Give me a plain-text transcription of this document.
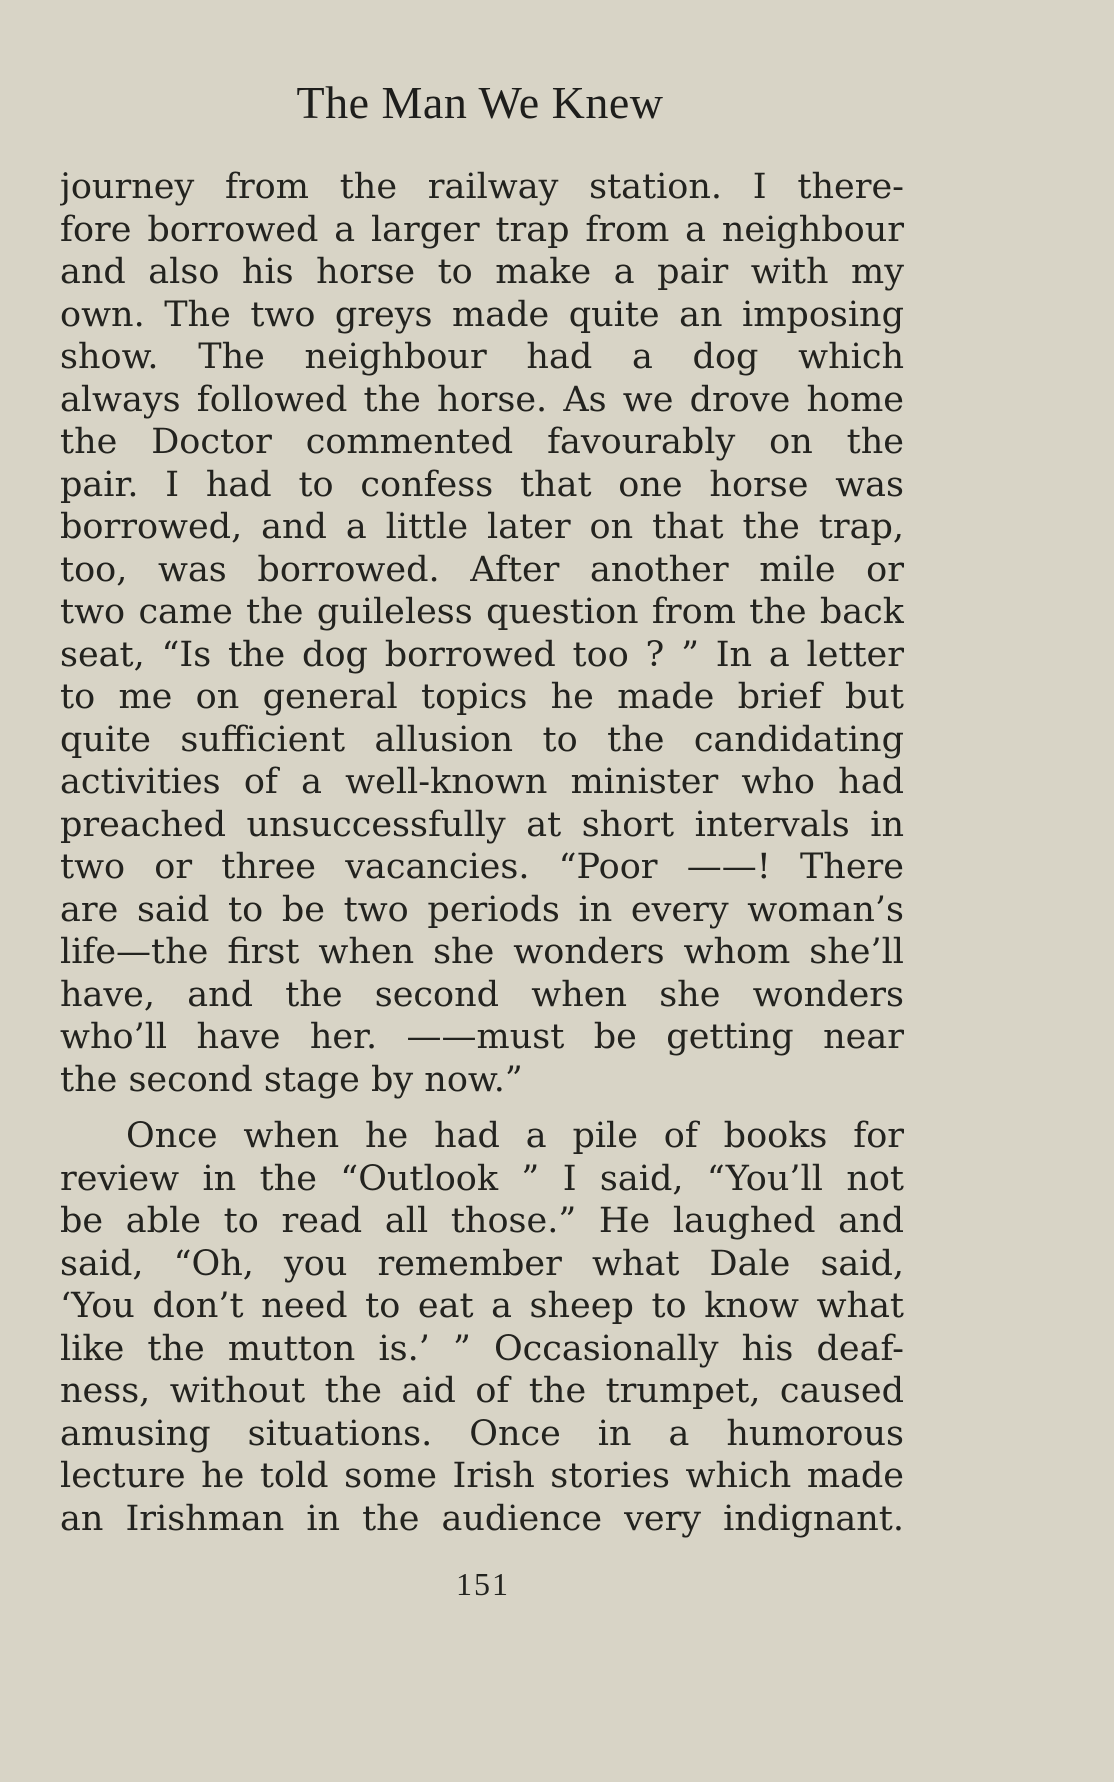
The Man We Knew
journey from the railway station. I there-
fore borrowed a larger trap from a neighbour
and also his horse to make a pair with my
own. The two greys made quite an imposing
show. The neighbour had a dog which
always followed the horse. As we drove home
the Doctor commented favourably on the
pair. I had to confess that one horse was
borrowed, and a little later on that the trap,
too, was borrowed. After another mile or
two came the guileless question from the back
seat, “Is the dog borrowed too ? ” In a letter
to me on general topics he made brief but
quite sufficient allusion to the candidating
activities of a well-known minister who had
preached unsuccessfully at short intervals in
two or three vacancies. “Poor ——! There
are said to be two periods in every woman’s
life—the first when she wonders whom she’ll
have, and the second when she wonders
who’ll have her. ——must be getting near
the second stage by now.”
Once when he had a pile of books for
review in the “Outlook ” I said, “You’ll not
be able to read all those.” He laughed and
said, “Oh, you remember what Dale said,
‘You don’t need to eat a sheep to know what
like the mutton is.’ ” Occasionally his deaf-
ness, without the aid of the trumpet, caused
amusing situations. Once in a humorous
lecture he told some Irish stories which made
an Irishman in the audience very indignant.
151
